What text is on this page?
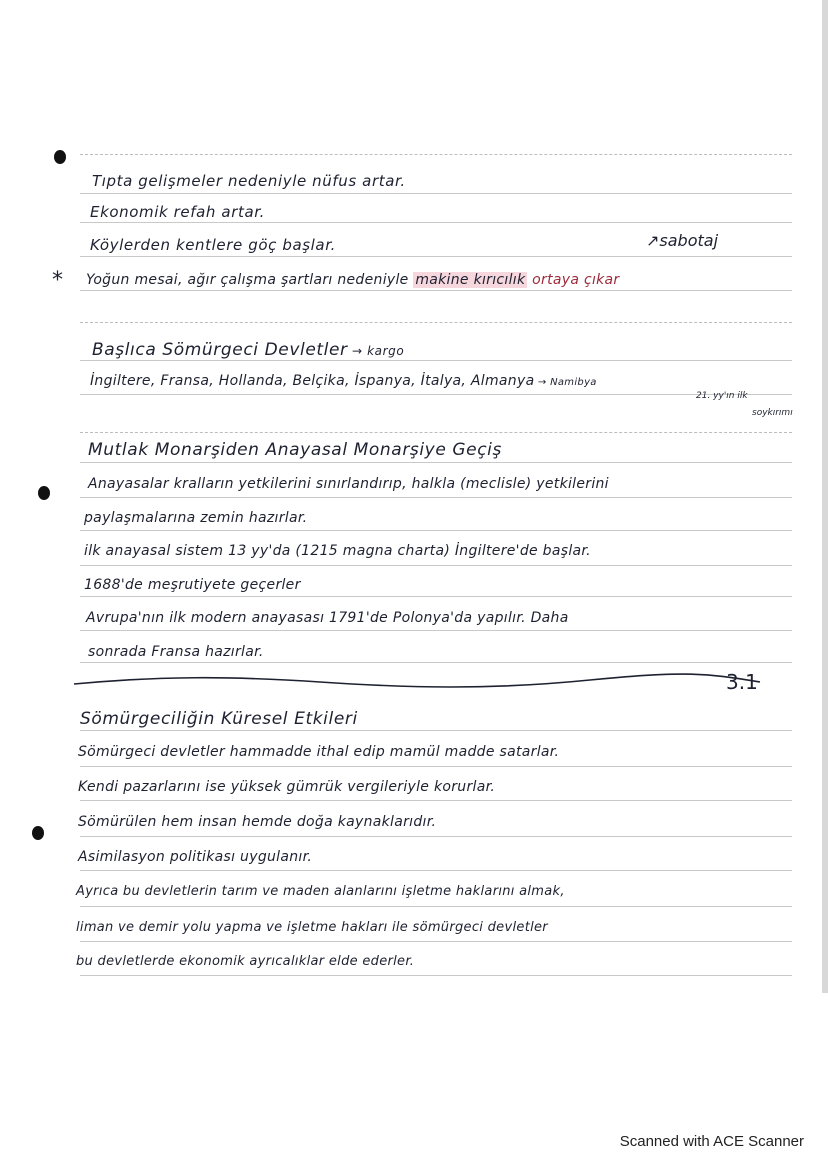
Tıpta gelişmeler nedeniyle nüfus artar.
Ekonomik refah artar.
Köylerden kentlere göç başlar.	↗sabotaj
* Yoğun mesai, ağır çalışma şartları nedeniyle makine kırıcılık ortaya çıkar
Başlıca Sömürgeci Devletler → kargo
İngiltere, Fransa, Hollanda, Belçika, İspanya, İtalya, Almanya → Namibya
21. yy'ın ilk
soykırımı
Mutlak Monarşiden Anayasal Monarşiye Geçiş
Anayasalar kralların yetkilerini sınırlandırıp, halkla (meclisle) yetkilerini
paylaşmalarına zemin hazırlar.
ilk anayasal sistem 13 yy'da (1215 magna charta) İngiltere'de başlar.
1688'de meşrutiyete geçerler
Avrupa'nın ilk modern anayasası 1791'de Polonya'da yapılır. Daha
sonrada Fransa hazırlar.
3.1
Sömürgeciliğin Küresel Etkileri
Sömürgeci devletler hammadde ithal edip mamül madde satarlar.
Kendi pazarlarını ise yüksek gümrük vergileriyle korurlar.
Sömürülen hem insan hemde doğa kaynaklarıdır.
Asimilasyon politikası uygulanır.
Ayrıca bu devletlerin tarım ve maden alanlarını işletme haklarını almak,
liman ve demir yolu yapma ve işletme hakları ile sömürgeci devletler
bu devletlerde ekonomik ayrıcalıklar elde ederler.
Scanned with ACE Scanner
